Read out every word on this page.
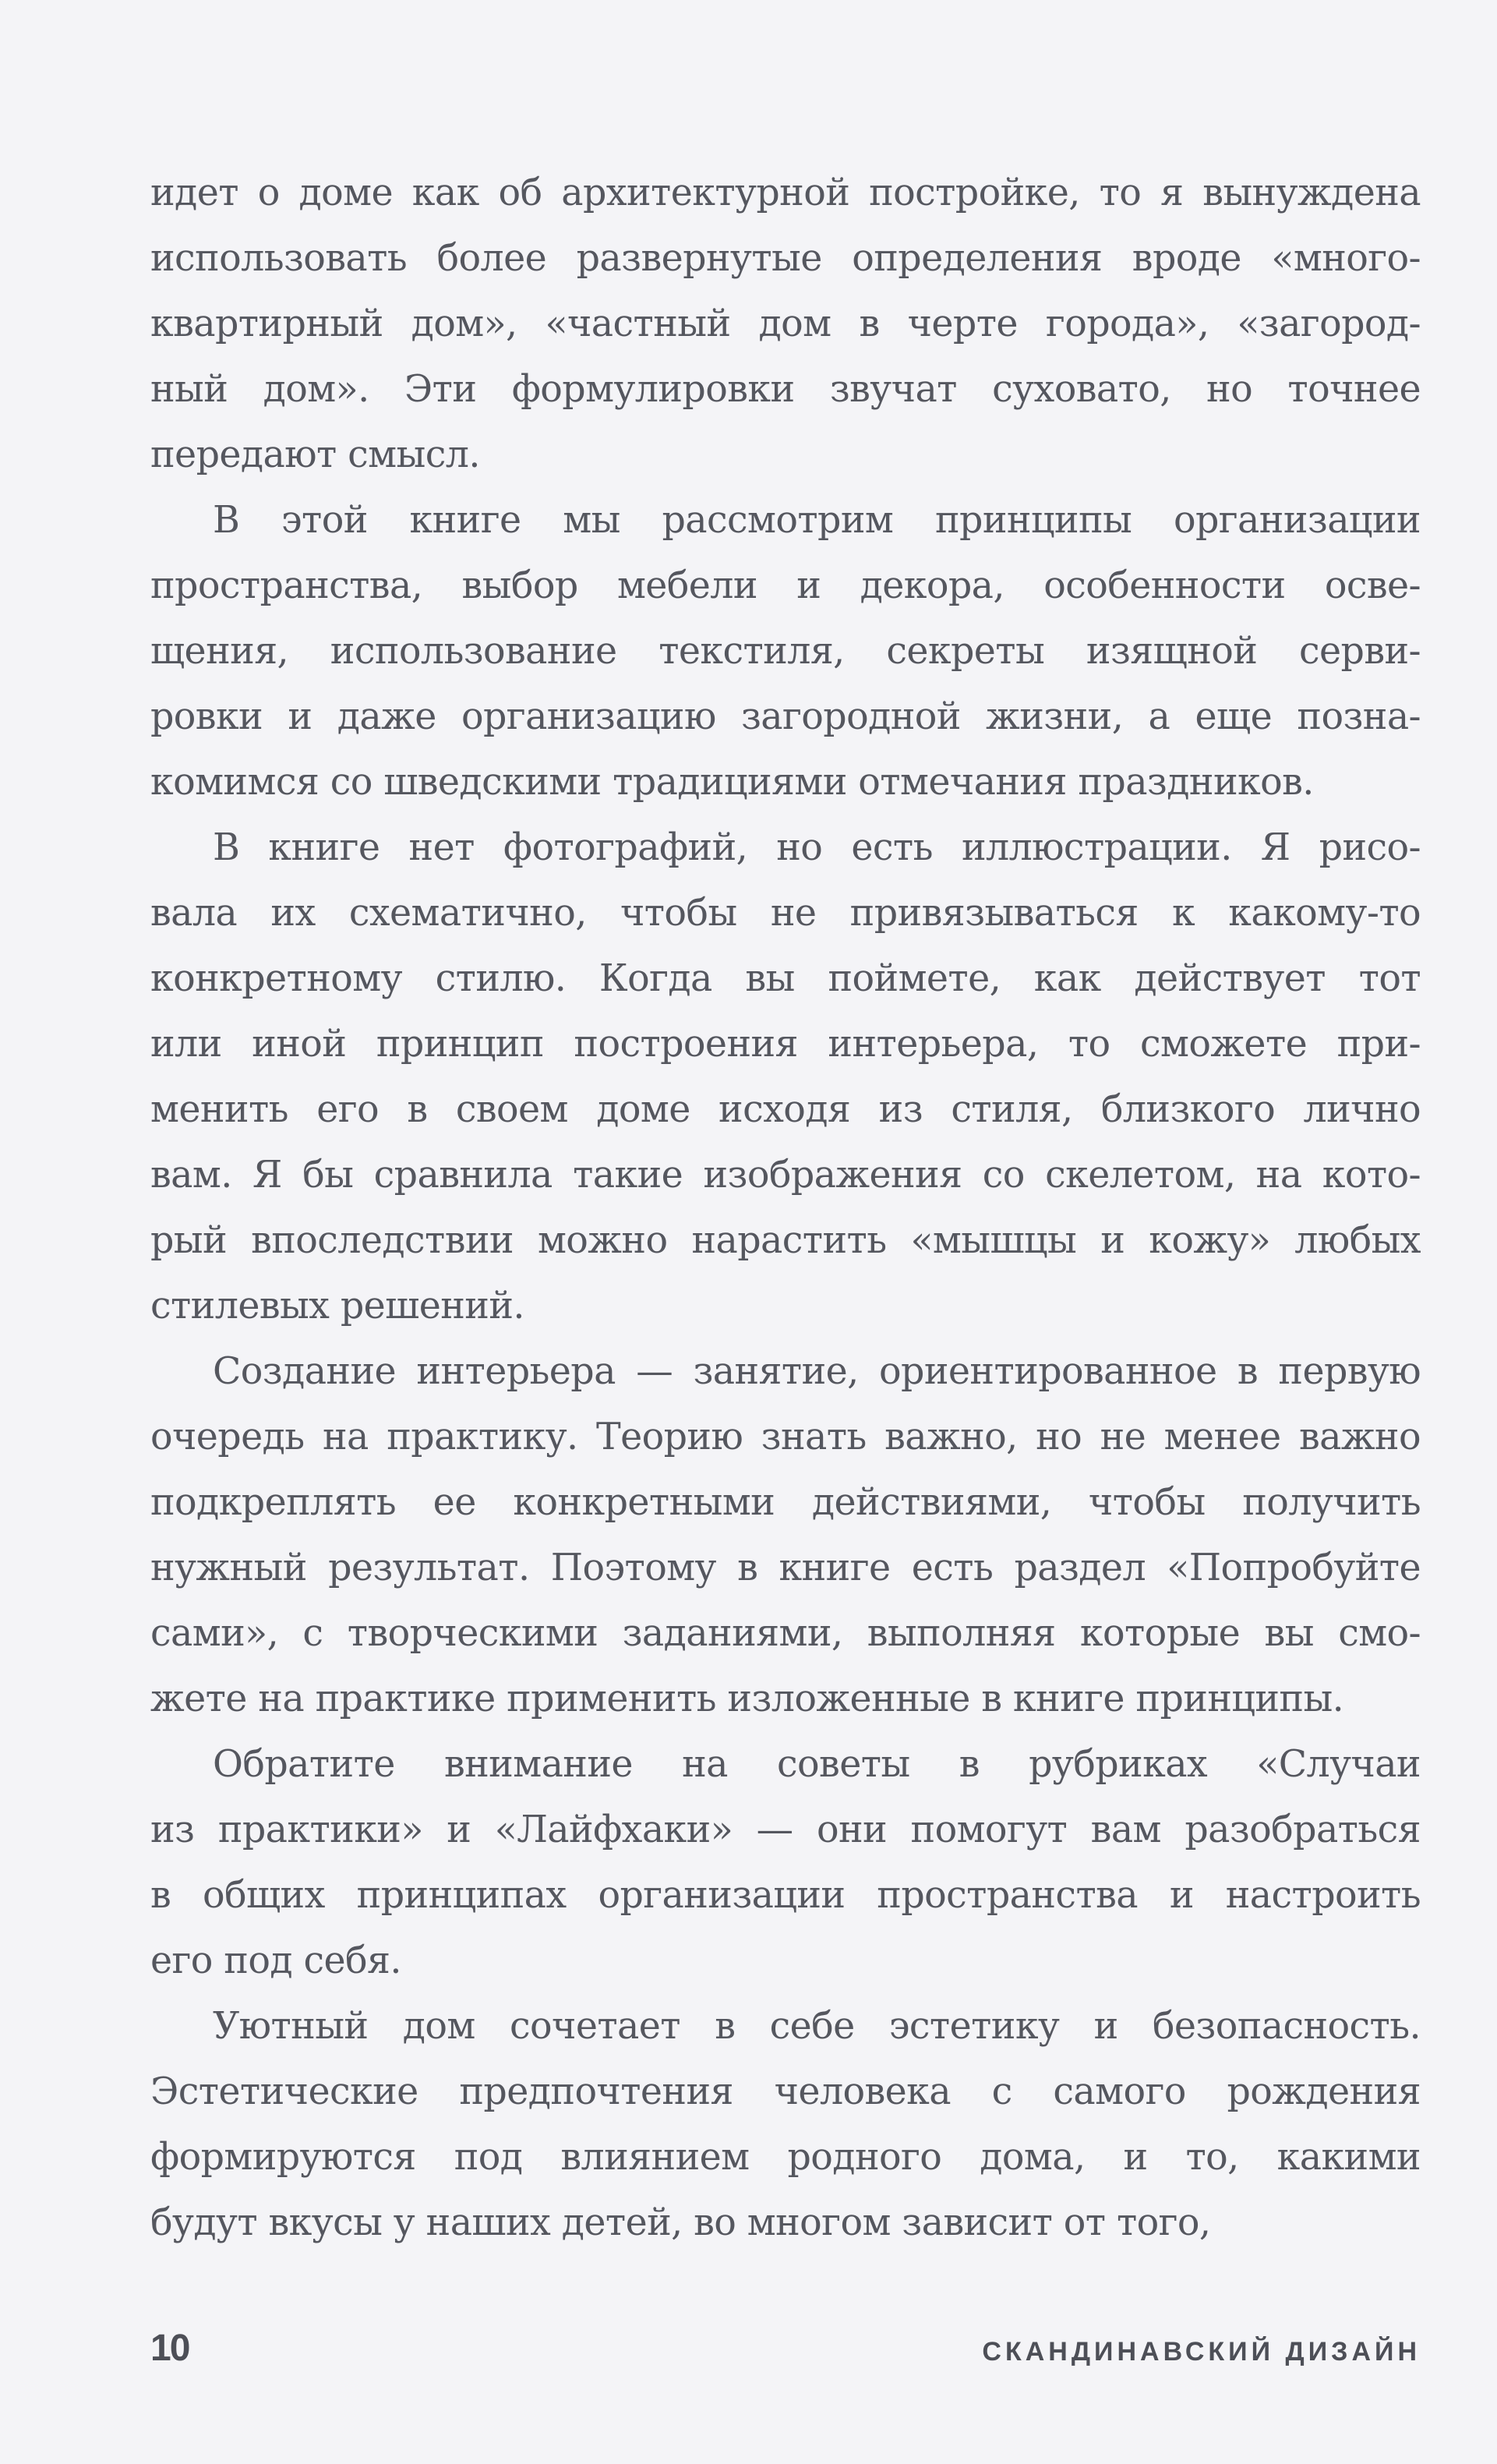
идет о доме как об архитектурной постройке, то я вынуждена
использовать более развернутые определения вроде «много-
квартирный дом», «частный дом в черте города», «загород-
ный дом». Эти формулировки звучат суховато, но точнее
передают смысл.

В этой книге мы рассмотрим принципы организации
пространства, выбор мебели и декора, особенности осве-
щения, использование текстиля, секреты изящной серви-
ровки и даже организацию загородной жизни, а еще позна-
комимся со шведскими традициями отмечания праздников.

В книге нет фотографий, но есть иллюстрации. Я рисо-
вала их схематично, чтобы не привязываться к какому-то
конкретному стилю. Когда вы поймете, как действует тот
или иной принцип построения интерьера, то сможете при-
менить его в своем доме исходя из стиля, близкого лично
вам. Я бы сравнила такие изображения со скелетом, на кото-
рый впоследствии можно нарастить «мышцы и кожу» любых
стилевых решений.

Создание интерьера — занятие, ориентированное в первую
очередь на практику. Теорию знать важно, но не менее важно
подкреплять ее конкретными действиями, чтобы получить
нужный результат. Поэтому в книге есть раздел «Попробуйте
сами», с творческими заданиями, выполняя которые вы смо-
жете на практике применить изложенные в книге принципы.

Обратите внимание на советы в рубриках «Случаи
из практики» и «Лайфхаки» — они помогут вам разобраться
в общих принципах организации пространства и настроить
его под себя.

Уютный дом сочетает в себе эстетику и безопасность.
Эстетические предпочтения человека с самого рождения
формируются под влиянием родного дома, и то, какими
будут вкусы у наших детей, во многом зависит от того,

10	СКАНДИНАВСКИЙ ДИЗАЙН
